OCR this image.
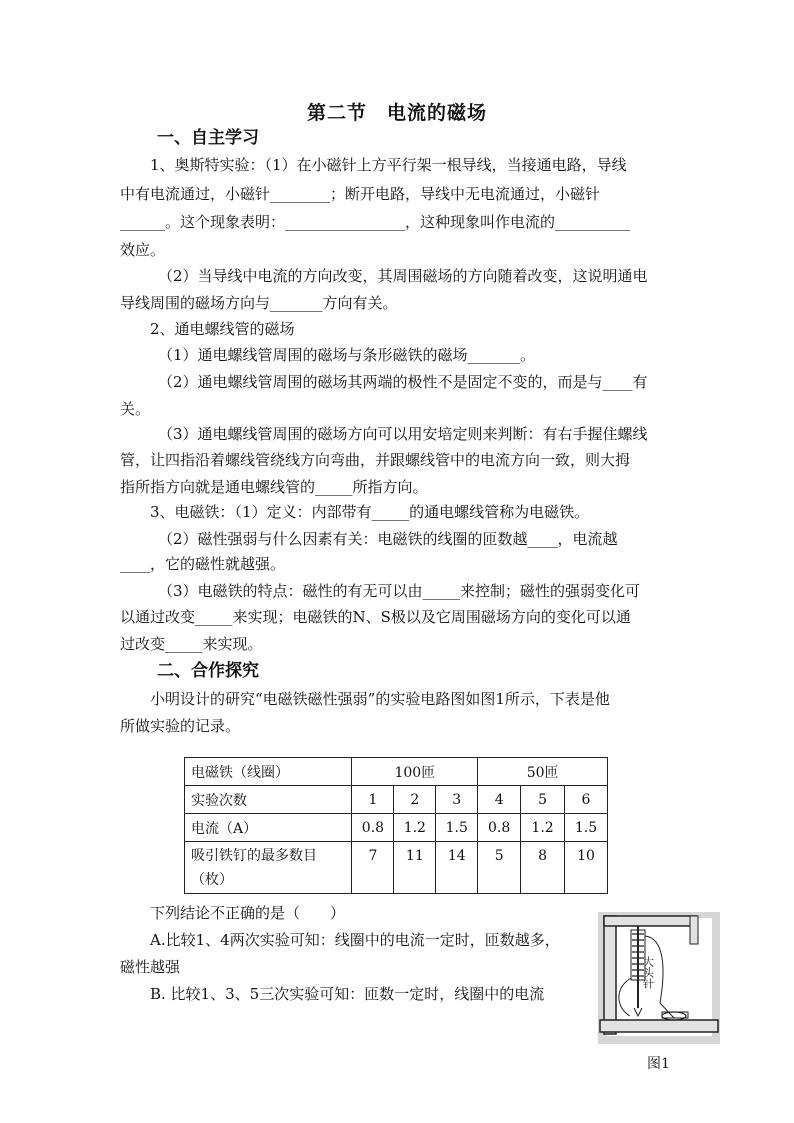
第二节　电流的磁场
一、自主学习
1、奥斯特实验：（1）在小磁针上方平行架一根导线，当接通电路，导线
中有电流通过，小磁针________；断开电路，导线中无电流通过，小磁针
______。这个现象表明：________________，这种现象叫作电流的__________
效应。
（2）当导线中电流的方向改变，其周围磁场的方向随着改变，这说明通电
导线周围的磁场方向与_______方向有关。
2、通电螺线管的磁场
（1）通电螺线管周围的磁场与条形磁铁的磁场_______。
（2）通电螺线管周围的磁场其两端的极性不是固定不变的，而是与____有
关。
（3）通电螺线管周围的磁场方向可以用安培定则来判断：有右手握住螺线
管，让四指沿着螺线管绕线方向弯曲，并跟螺线管中的电流方向一致，则大拇
指所指方向就是通电螺线管的_____所指方向。
3、电磁铁：（1）定义：内部带有_____的通电螺线管称为电磁铁。
（2）磁性强弱与什么因素有关：电磁铁的线圈的匝数越____，电流越
____，它的磁性就越强。
（3）电磁铁的特点：磁性的有无可以由_____来控制；磁性的强弱变化可
以通过改变_____来实现；电磁铁的N、S极以及它周围磁场方向的变化可以通
过改变_____来实现。
二、合作探究
小明设计的研究“电磁铁磁性强弱”的实验电路图如图1所示，下表是他
所做实验的记录。
电磁铁（线圈）	100匝			50匝		
实验次数	1	2	3	4	5	6
电流（A）	0.8	1.2	1.5	0.8	1.2	1.5
吸引铁钉的最多数目（枚）	7	11	14	5	8	10
下列结论不正确的是（　　）
A.比较1、4两次实验可知：线圈中的电流一定时，匝数越多，
磁性越强
B. 比较1、3、5三次实验可知：匝数一定时，线圈中的电流
大头针
图1
